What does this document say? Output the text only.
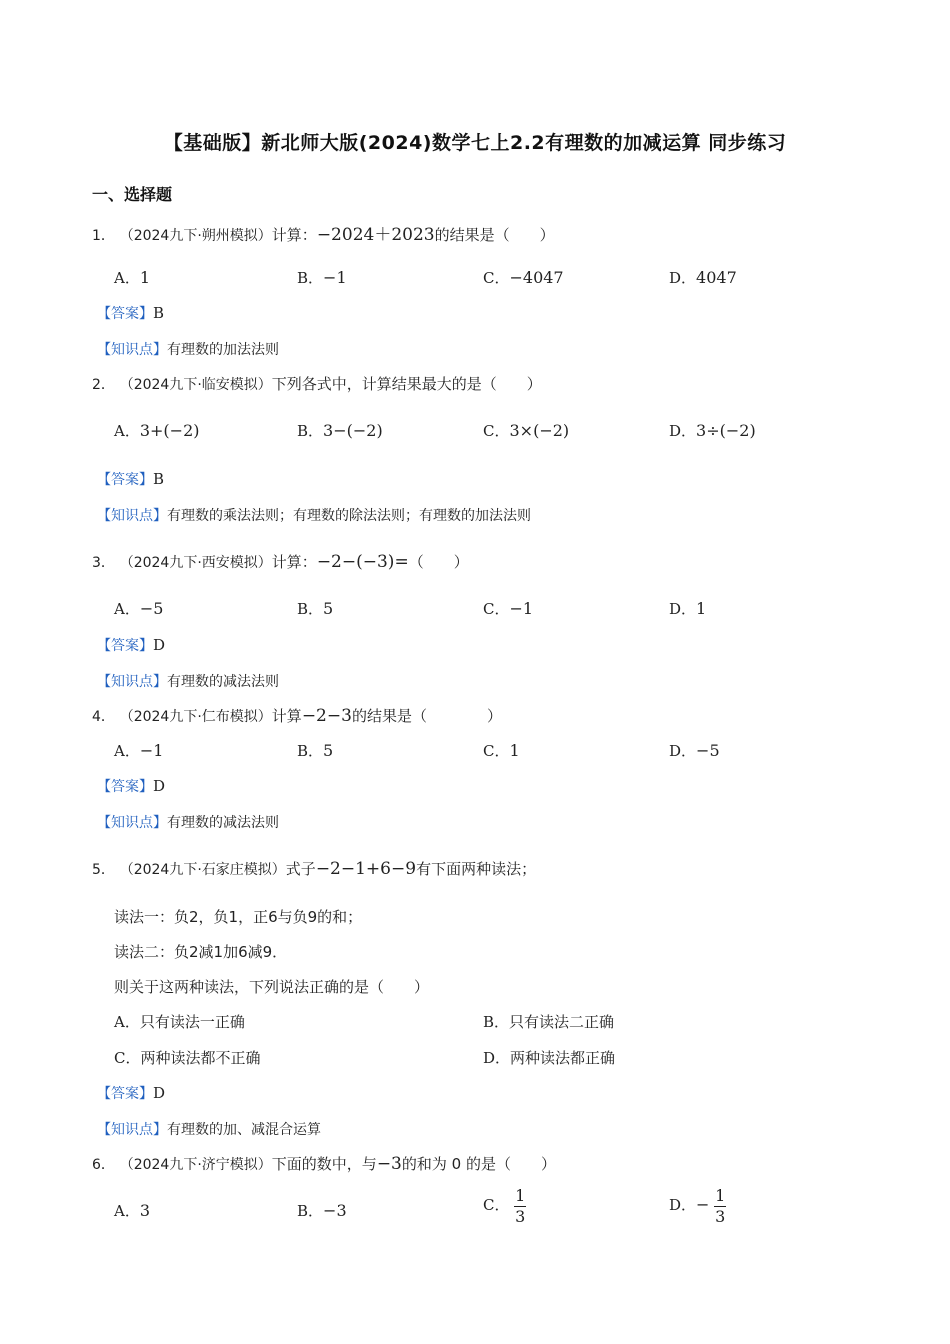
【基础版】新北师大版(2024)数学七上2.2有理数的加减运算 同步练习
一、选择题
1． （2024九下·朔州模拟）计算：−2024＋2023的结果是（　　）
A．1	B．−1	C．−4047	D．4047
【答案】B
【知识点】有理数的加法法则
2． （2024九下·临安模拟）下列各式中，计算结果最大的是（　　）
A．3+(−2)	B．3−(−2)	C．3×(−2)	D．3÷(−2)
【答案】B
【知识点】有理数的乘法法则；有理数的除法法则；有理数的加法法则
3． （2024九下·西安模拟）计算：−2−(−3)=（　　）
A．−5	B．5	C．−1	D．1
【答案】D
【知识点】有理数的减法法则
4． （2024九下·仁布模拟）计算−2−3的结果是（　　　　）
A．−1	B．5	C．1	D．−5
【答案】D
【知识点】有理数的减法法则
5． （2024九下·石家庄模拟）式子−2−1+6−9有下面两种读法；
读法一：负2，负1，正6与负9的和；
读法二：负2减1加6减9．
则关于这两种读法，下列说法正确的是（　　）
A．只有读法一正确	B．只有读法二正确
C．两种读法都不正确	D．两种读法都正确
【答案】D
【知识点】有理数的加、减混合运算
6． （2024九下·济宁模拟）下面的数中，与−3的和为 0 的是（　　）
A．3	B．−3	C． $\frac{1}{3}$	D．− $\frac{1}{3}$
